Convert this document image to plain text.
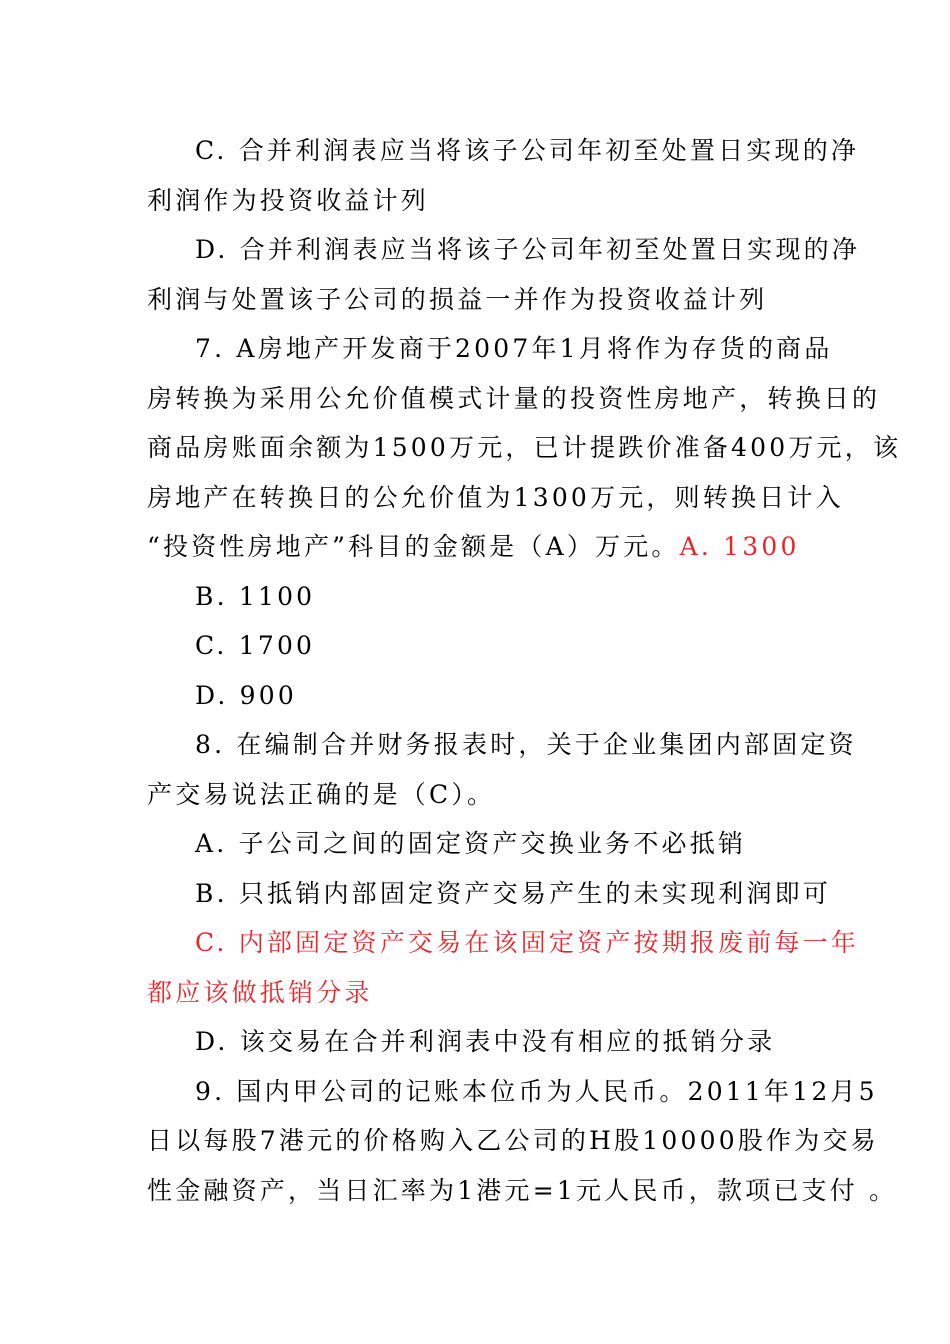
C. 合并利润表应当将该子公司年初至处置日实现的净
利润作为投资收益计列
D. 合并利润表应当将该子公司年初至处置日实现的净
利润与处置该子公司的损益一并作为投资收益计列
7. A房地产开发商于2007年1月将作为存货的商品
房转换为采用公允价值模式计量的投资性房地产，转换日的
商品房账面余额为1500万元，已计提跌价准备400万元，该
房地产在转换日的公允价值为1300万元，则转换日计入
“投资性房地产”科目的金额是（A）万元。A. 1300
B. 1100
C. 1700
D. 900
8. 在编制合并财务报表时，关于企业集团内部固定资
产交易说法正确的是（C）。
A. 子公司之间的固定资产交换业务不必抵销
B. 只抵销内部固定资产交易产生的未实现利润即可
C. 内部固定资产交易在该固定资产按期报废前每一年
都应该做抵销分录
D. 该交易在合并利润表中没有相应的抵销分录
9. 国内甲公司的记账本位币为人民币。2011年12月5
日以每股7港元的价格购入乙公司的H股10000股作为交易
性金融资产，当日汇率为1港元=1元人民币，款项已支付 。
